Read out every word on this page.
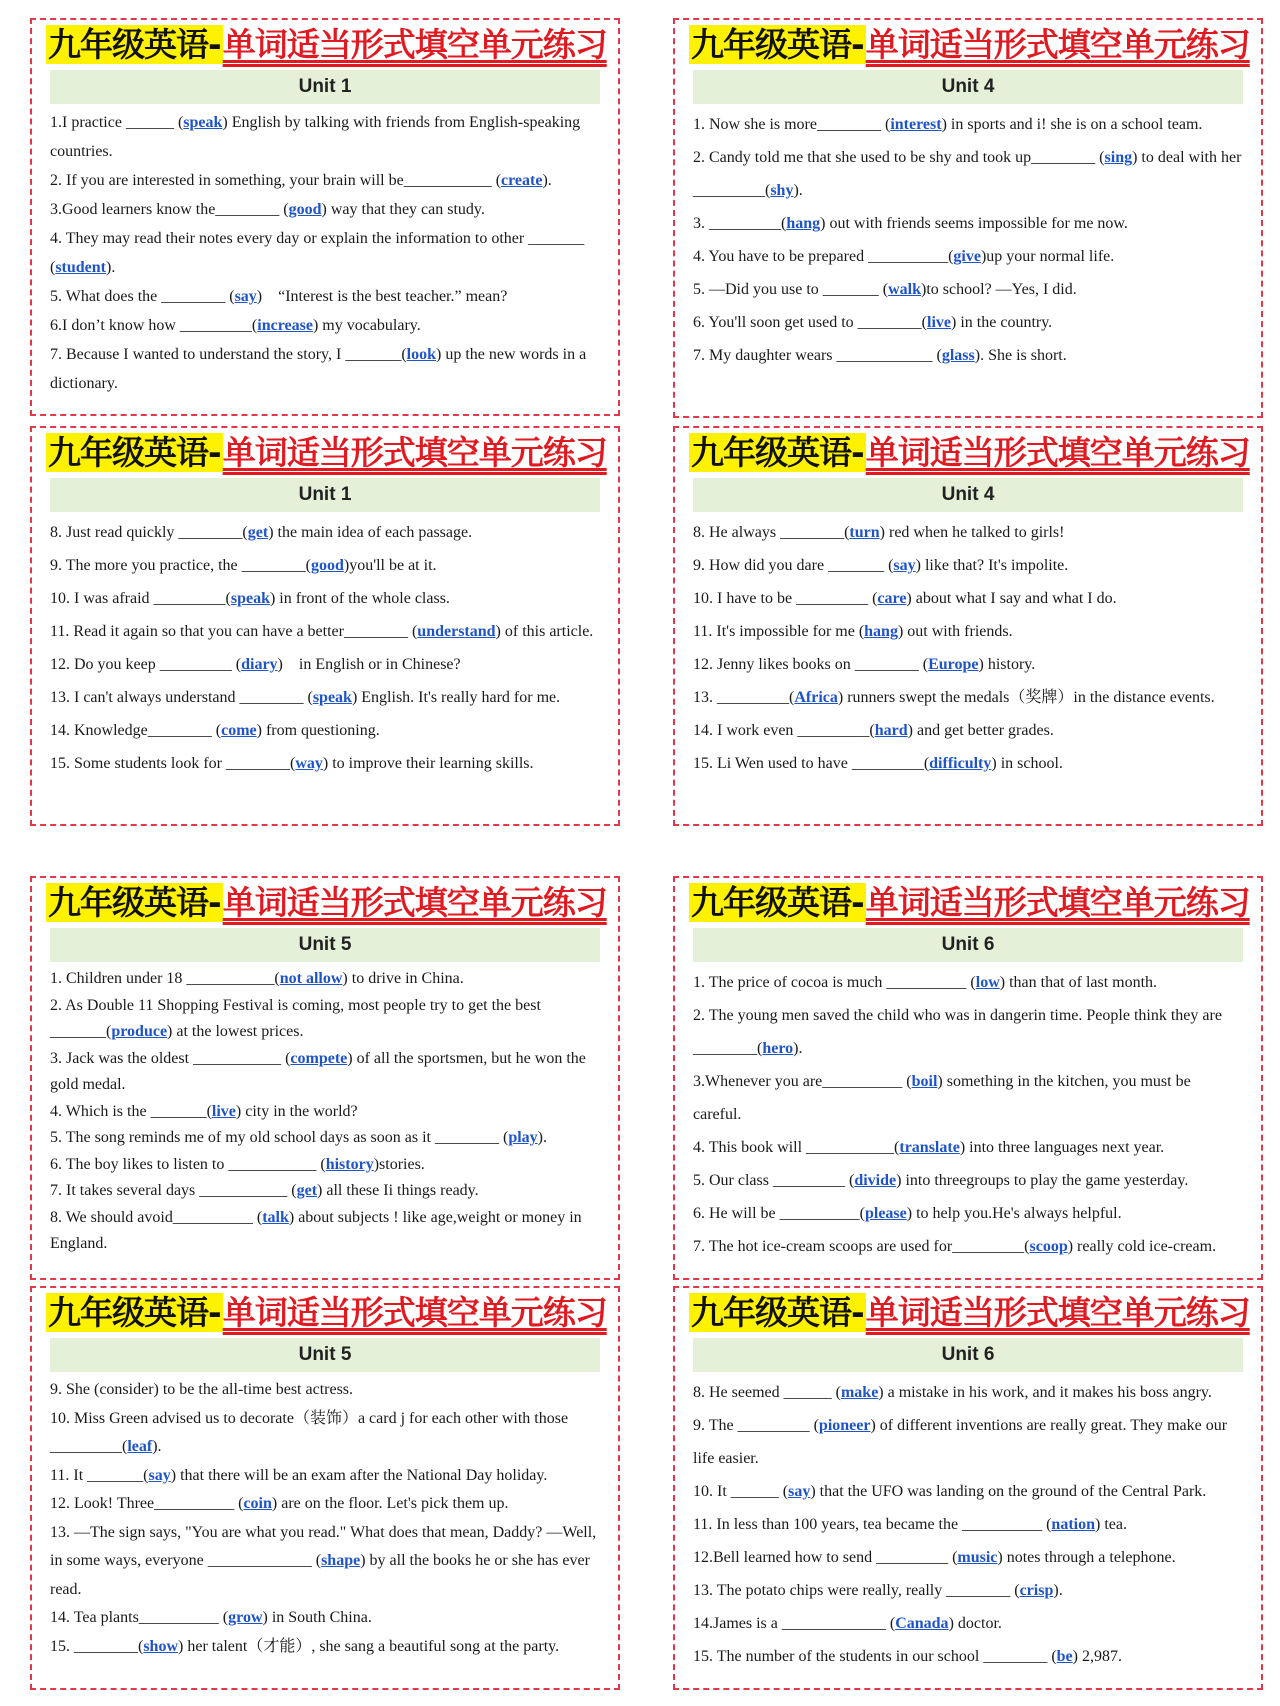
九年级英语-单词适当形式填空单元练习
Unit 1
1.I practice ______ (speak) English by talking with friends from English-speaking countries.
2. If you are interested in something, your brain will be___________ (create).
3.Good learners know the________ (good) way that they can study.
4. They may read their notes every day or explain the information to other _______ (student).
5. What does the ________ (say)　“Interest is the best teacher.” mean?
6.I don’t know how _________(increase) my vocabulary.
7. Because I wanted to understand the story, I _______(look) up the new words in a dictionary.
九年级英语-单词适当形式填空单元练习
Unit 1
8. Just read quickly ________(get) the main idea of each passage.
9. The more you practice, the ________(good)you'll be at it.
10. I was afraid _________(speak) in front of the whole class.
11. Read it again so that you can have a better________ (understand) of this article.
12. Do you keep _________ (diary)　in English or in Chinese?
13. I can't always understand ________ (speak) English. It's really hard for me.
14. Knowledge________ (come) from questioning.
15. Some students look for ________(way) to improve their learning skills.
九年级英语-单词适当形式填空单元练习
Unit 5
1. Children under 18 ___________(not allow) to drive in China.
2. As Double 11 Shopping Festival is coming, most people try to get the best _______(produce) at the lowest prices.
3. Jack was the oldest ___________ (compete) of all the sportsmen, but he won the gold medal.
4. Which is the _______(live) city in the world?
5. The song reminds me of my old school days as soon as it ________ (play).
6. The boy likes to listen to ___________ (history)stories.
7. It takes several days ___________ (get) all these Ii things ready.
8. We should avoid__________ (talk) about subjects ! like age,weight or money in England.
九年级英语-单词适当形式填空单元练习
Unit 5
9. She (consider) to be the all-time best actress.
10. Miss Green advised us to decorate（装饰）a card j for each other with those _________(leaf).
11. It _______(say) that there will be an exam after the National Day holiday.
12. Look! Three__________ (coin) are on the floor. Let's pick them up.
13. —The sign says, "You are what you read." What does that mean, Daddy? —Well, in some ways, everyone _____________ (shape) by all the books he or she has ever read.
14. Tea plants__________ (grow) in South China.
15. ________(show) her talent（才能）, she sang a beautiful song at the party.
九年级英语-单词适当形式填空单元练习
Unit 4
1. Now she is more________ (interest) in sports and i! she is on a school team.
2. Candy told me that she used to be shy and took up________ (sing) to deal with her _________(shy).
3. _________(hang) out with friends seems impossible for me now.
4. You have to be prepared __________(give)up your normal life.
5. —Did you use to _______ (walk)to school? —Yes, I did.
6. You'll soon get used to ________(live) in the country.
7. My daughter wears ____________ (glass). She is short.
九年级英语-单词适当形式填空单元练习
Unit 4
8. He always ________(turn) red when he talked to girls!
9. How did you dare _______ (say) like that? It's impolite.
10. I have to be _________ (care) about what I say and what I do.
11. It's impossible for me (hang) out with friends.
12. Jenny likes books on ________ (Europe) history.
13. _________(Africa) runners swept the medals（奖牌）in the distance events.
14. I work even _________(hard) and get better grades.
15. Li Wen used to have _________(difficulty) in school.
九年级英语-单词适当形式填空单元练习
Unit 6
1. The price of cocoa is much __________ (low) than that of last month.
2. The young men saved the child who was in dangerin time. People think they are ________(hero).
3.Whenever you are__________ (boil) something in the kitchen, you must be careful.
4. This book will ___________(translate) into three languages next year.
5. Our class _________ (divide) into threegroups to play the game yesterday.
6. He will be __________(please) to help you.He's always helpful.
7. The hot ice-cream scoops are used for_________(scoop) really cold ice-cream.
九年级英语-单词适当形式填空单元练习
Unit 6
8. He seemed ______ (make) a mistake in his work, and it makes his boss angry.
9. The _________ (pioneer) of different inventions are really great. They make our life easier.
10. It ______ (say) that the UFO was landing on the ground of the Central Park.
11. In less than 100 years, tea became the __________ (nation) tea.
12.Bell learned how to send _________ (music) notes through a telephone.
13. The potato chips were really, really ________ (crisp).
14.James is a _____________ (Canada) doctor.
15. The number of the students in our school ________ (be) 2,987.
